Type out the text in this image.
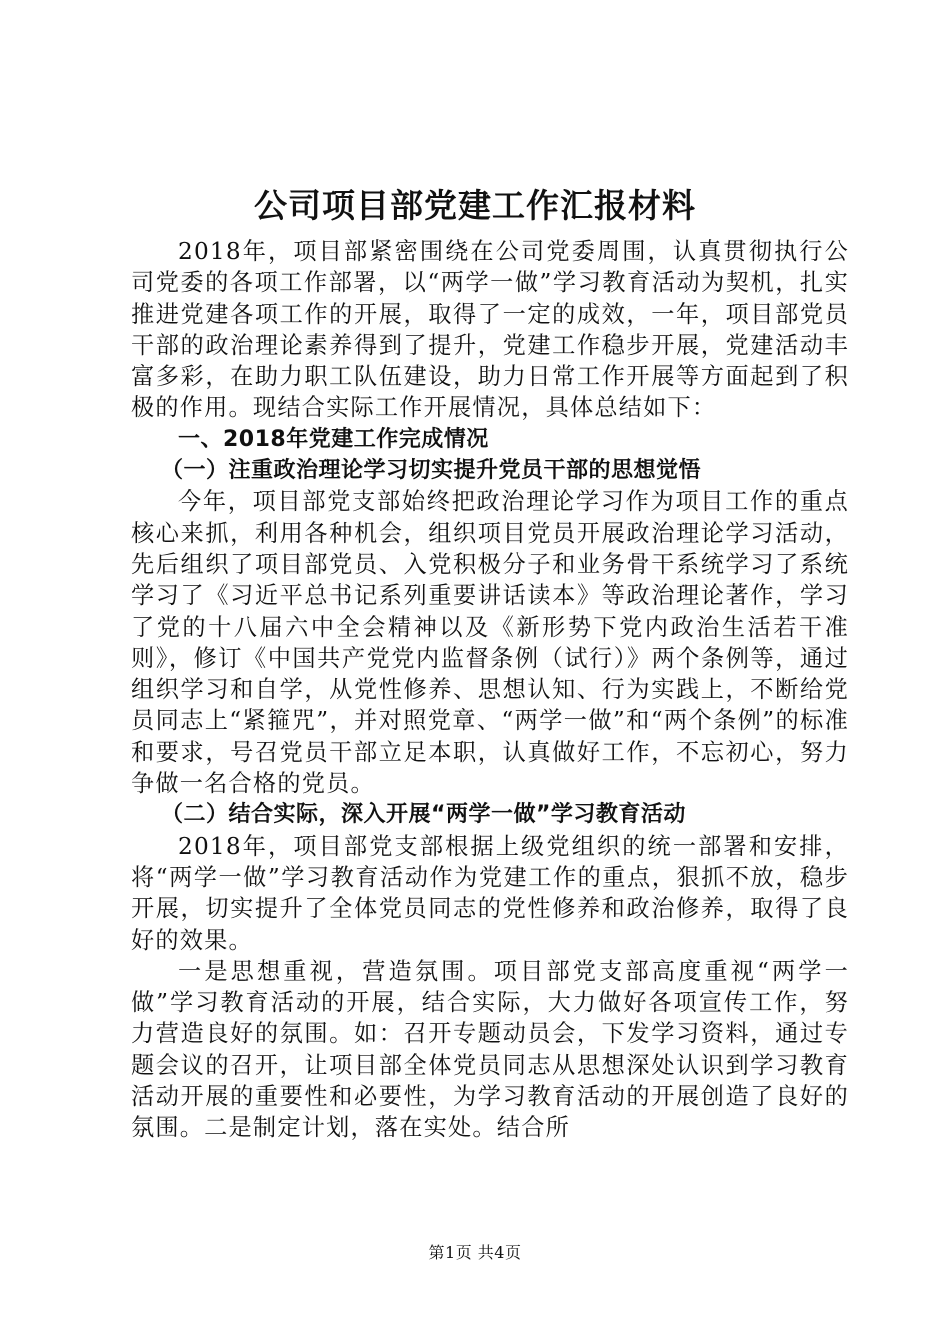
公司项目部党建工作汇报材料

2018年，项目部紧密围绕在公司党委周围，认真贯彻执行公司党委的各项工作部署，以“两学一做”学习教育活动为契机，扎实推进党建各项工作的开展，取得了一定的成效，一年，项目部党员干部的政治理论素养得到了提升，党建工作稳步开展，党建活动丰富多彩，在助力职工队伍建设，助力日常工作开展等方面起到了积极的作用。现结合实际工作开展情况，具体总结如下：

一、2018年党建工作完成情况

（一）注重政治理论学习切实提升党员干部的思想觉悟

今年，项目部党支部始终把政治理论学习作为项目工作的重点核心来抓，利用各种机会，组织项目党员开展政治理论学习活动，先后组织了项目部党员、入党积极分子和业务骨干系统学习了系统学习了《习近平总书记系列重要讲话读本》等政治理论著作，学习了党的十八届六中全会精神以及《新形势下党内政治生活若干准则》，修订《中国共产党党内监督条例（试行）》两个条例等，通过组织学习和自学，从党性修养、思想认知、行为实践上，不断给党员同志上“紧箍咒”，并对照党章、“两学一做”和“两个条例”的标准和要求，号召党员干部立足本职，认真做好工作，不忘初心，努力争做一名合格的党员。

（二）结合实际，深入开展“两学一做”学习教育活动

2018年，项目部党支部根据上级党组织的统一部署和安排，将“两学一做”学习教育活动作为党建工作的重点，狠抓不放，稳步开展，切实提升了全体党员同志的党性修养和政治修养，取得了良好的效果。

一是思想重视，营造氛围。项目部党支部高度重视“两学一做”学习教育活动的开展，结合实际，大力做好各项宣传工作，努力营造良好的氛围。如：召开专题动员会，下发学习资料，通过专题会议的召开，让项目部全体党员同志从思想深处认识到学习教育活动开展的重要性和必要性，为学习教育活动的开展创造了良好的氛围。二是制定计划，落在实处。结合所

第1页 共4页
